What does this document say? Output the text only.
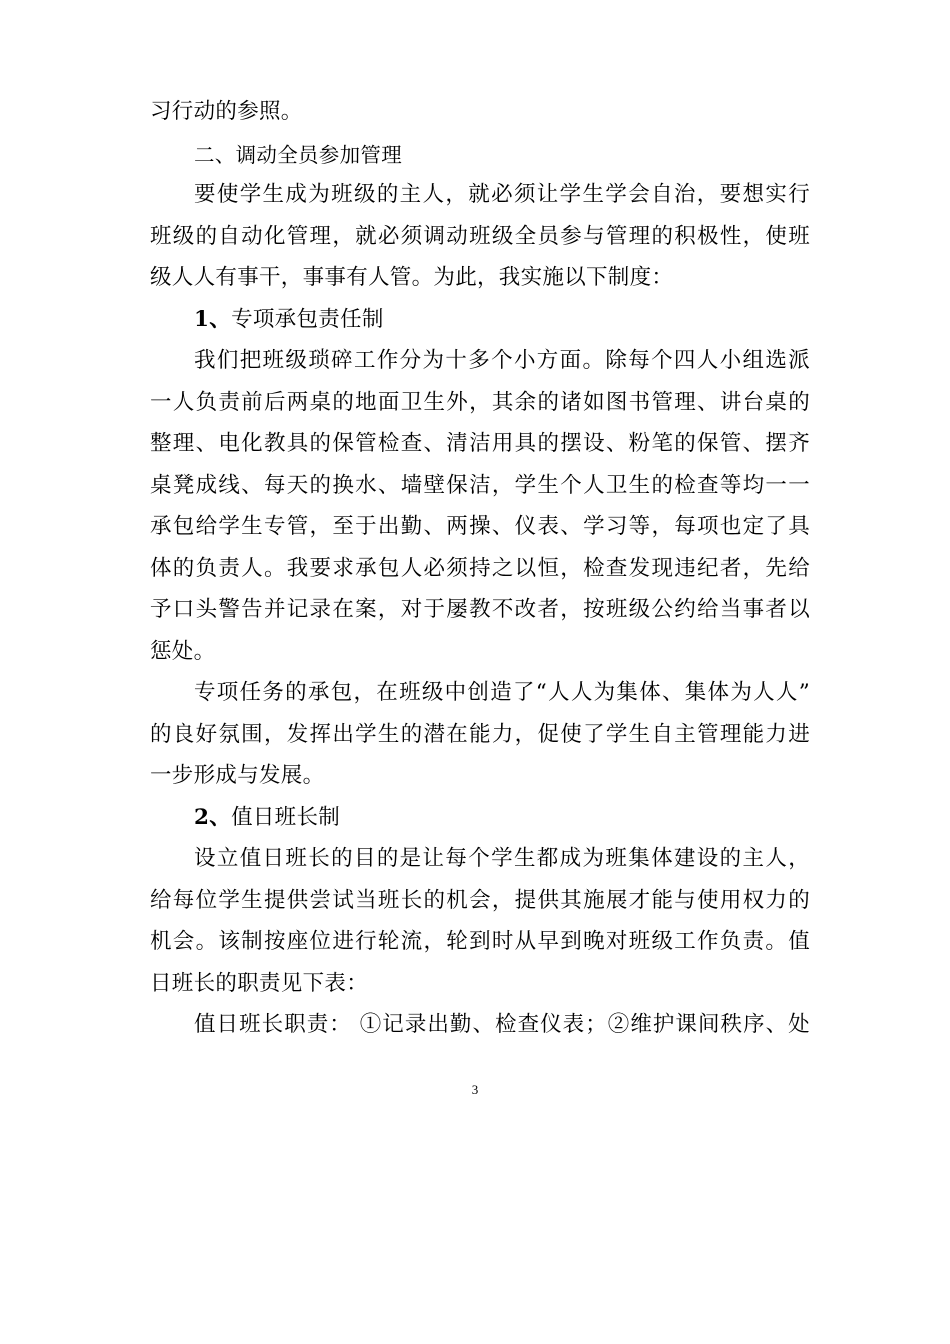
习行动的参照。
二、调动全员参加管理
要使学生成为班级的主人，就必须让学生学会自治，要想实行
班级的自动化管理，就必须调动班级全员参与管理的积极性，使班
级人人有事干，事事有人管。为此，我实施以下制度：
1、专项承包责任制
我们把班级琐碎工作分为十多个小方面。除每个四人小组选派
一人负责前后两桌的地面卫生外，其余的诸如图书管理、讲台桌的
整理、电化教具的保管检查、清洁用具的摆设、粉笔的保管、摆齐
桌凳成线、每天的换水、墙壁保洁，学生个人卫生的检查等均一一
承包给学生专管，至于出勤、两操、仪表、学习等，每项也定了具
体的负责人。我要求承包人必须持之以恒，检查发现违纪者，先给
予口头警告并记录在案，对于屡教不改者，按班级公约给当事者以
惩处。
专项任务的承包，在班级中创造了“人人为集体、集体为人人”
的良好氛围，发挥出学生的潜在能力，促使了学生自主管理能力进
一步形成与发展。
2、值日班长制
设立值日班长的目的是让每个学生都成为班集体建设的主人，
给每位学生提供尝试当班长的机会，提供其施展才能与使用权力的
机会。该制按座位进行轮流，轮到时从早到晚对班级工作负责。值
日班长的职责见下表：
值日班长职责： ①记录出勤、检查仪表；②维护课间秩序、处
3
